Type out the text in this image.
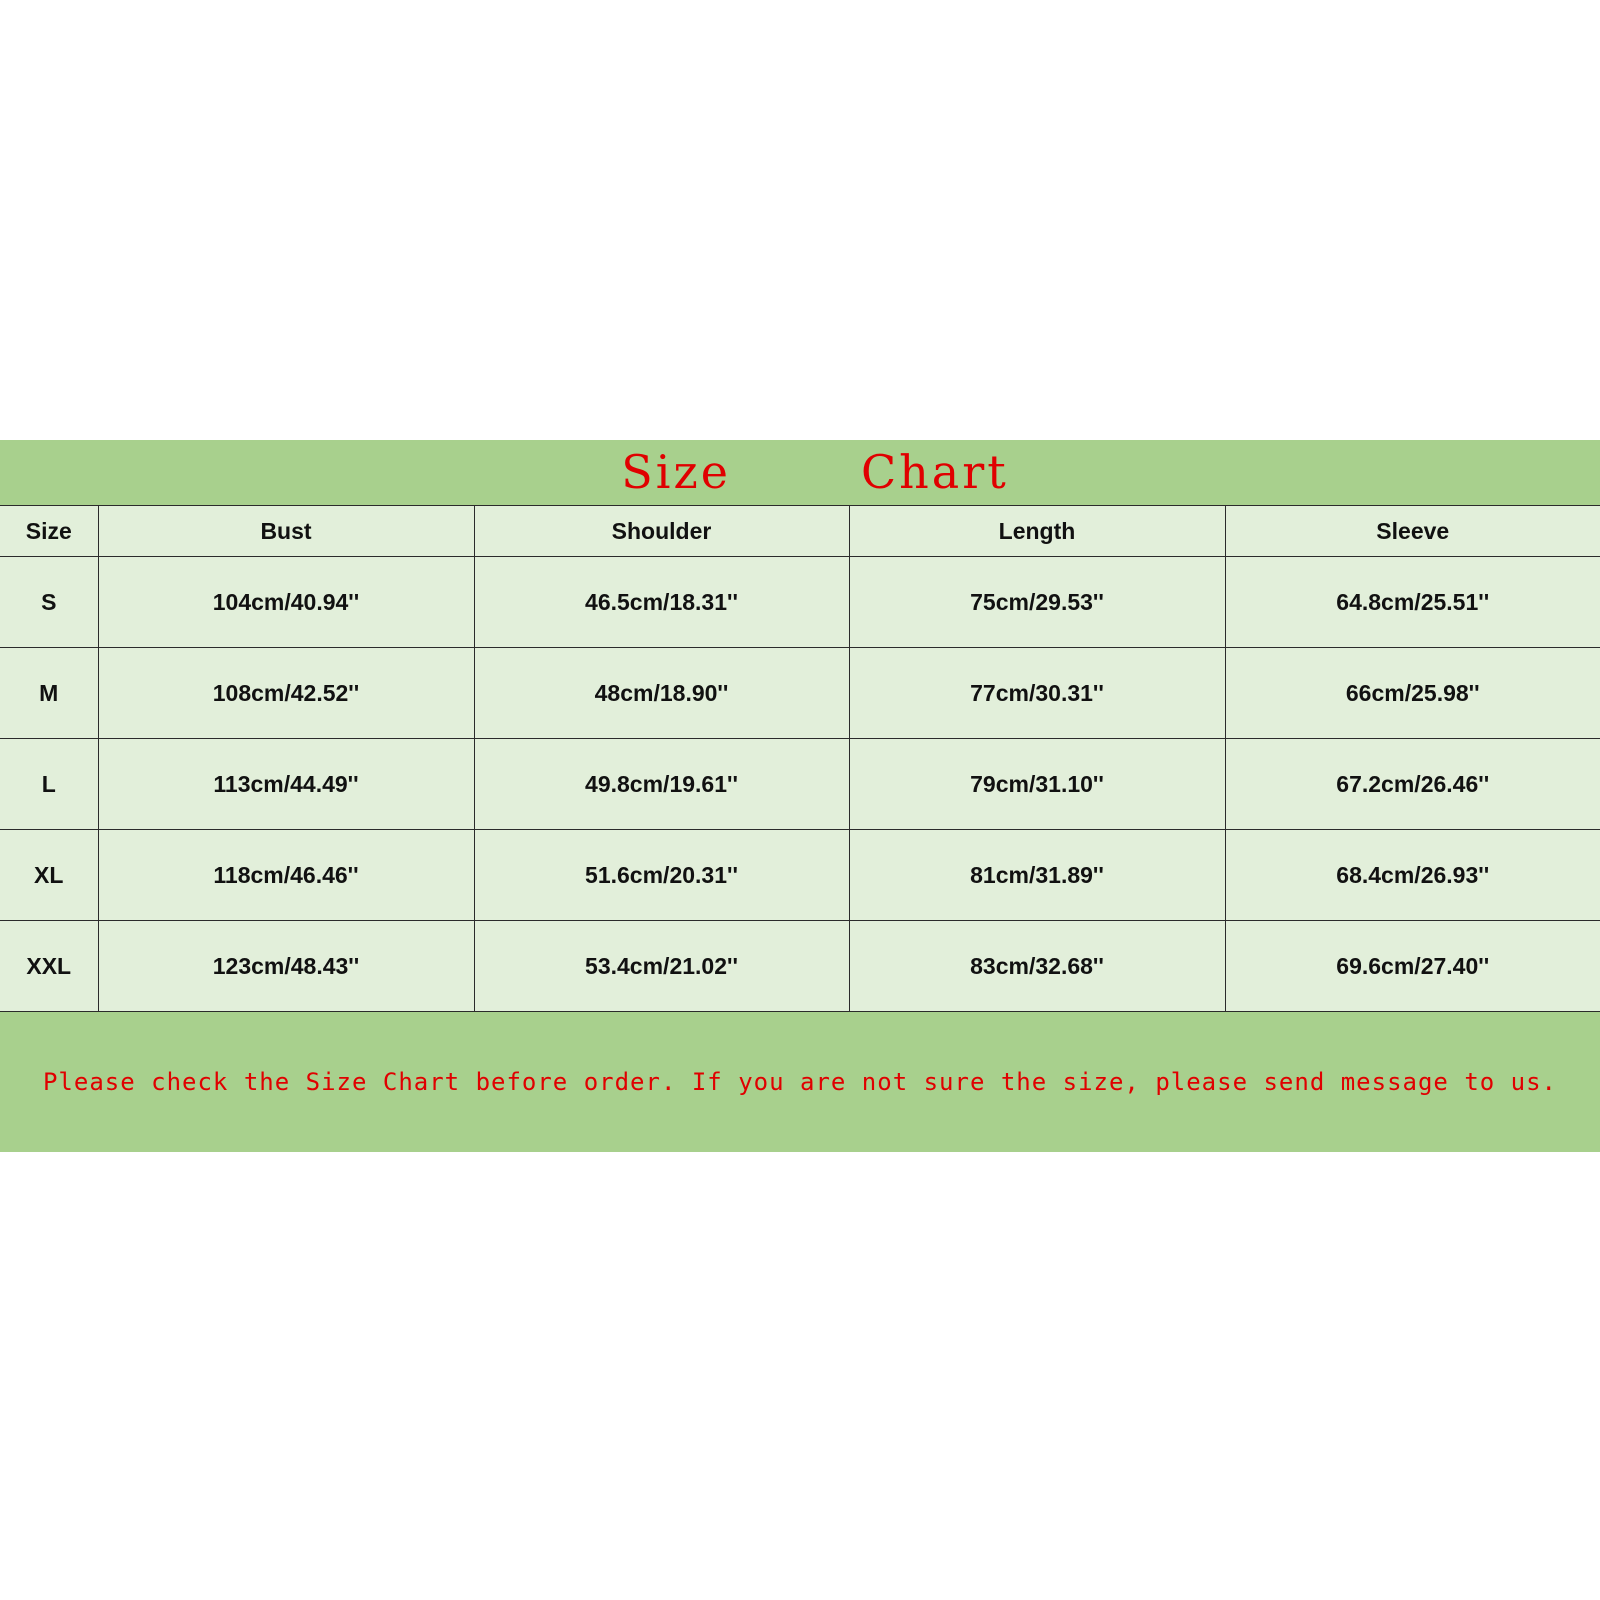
Size	Chart
Size	Bust	Shoulder	Length	Sleeve
S	104cm/40.94''	46.5cm/18.31''	75cm/29.53''	64.8cm/25.51''
M	108cm/42.52''	48cm/18.90''	77cm/30.31''	66cm/25.98''
L	113cm/44.49''	49.8cm/19.61''	79cm/31.10''	67.2cm/26.46''
XL	118cm/46.46''	51.6cm/20.31''	81cm/31.89''	68.4cm/26.93''
XXL	123cm/48.43''	53.4cm/21.02''	83cm/32.68''	69.6cm/27.40''
Please check the Size Chart before order. If you are not sure the size, please send message to us.
